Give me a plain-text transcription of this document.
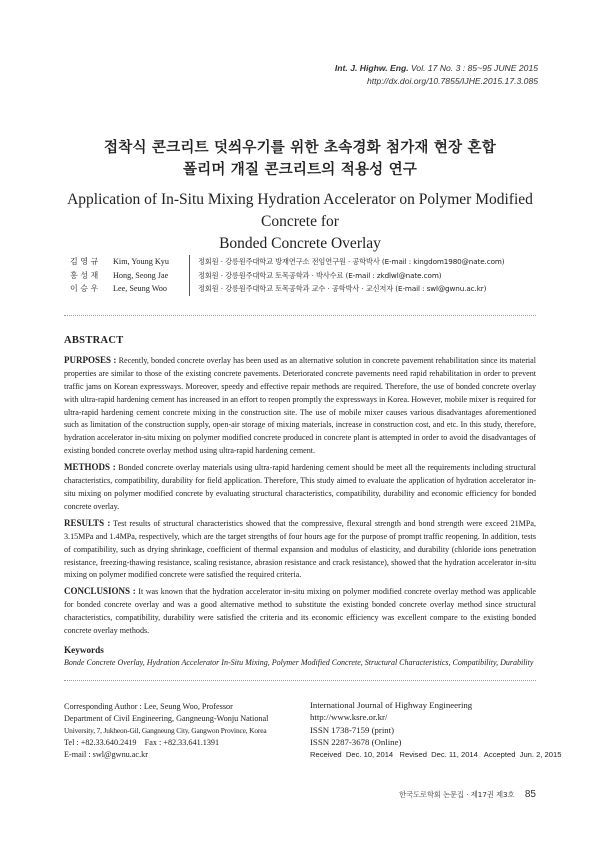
Int. J. Highw. Eng. Vol. 17 No. 3 : 85~95 JUNE 2015
http://dx.doi.org/10.7855/IJHE.2015.17.3.085
접착식 콘크리트 덧씌우기를 위한 초속경화 첨가재 현장 혼합
폴리머 개질 콘크리트의 적용성 연구
Application of In-Situ Mixing Hydration Accelerator on Polymer Modified Concrete for
Bonded Concrete Overlay
김 영 규	Kim, Young Kyu	정회원 · 강릉원주대학교 방재연구소 전임연구원 · 공학박사 (E-mail : kingdom1980@nate.com)
홍 성 재	Hong, Seong Jae	정회원 · 강릉원주대학교 토목공학과 · 박사수료 (E-mail : zkdlwl@nate.com)
이 승 우	Lee, Seung Woo	정회원 · 강릉원주대학교 토목공학과 교수 · 공학박사 · 교신저자 (E-mail : swl@gwnu.ac.kr)
ABSTRACT

PURPOSES : Recently, bonded concrete overlay has been used as an alternative solution in concrete pavement rehabilitation since its material properties are similar to those of the existing concrete pavements. Deteriorated concrete pavements need rapid rehabilitation in order to prevent traffic jams on Korean expressways. Moreover, speedy and effective repair methods are required. Therefore, the use of bonded concrete overlay with ultra-rapid hardening cement has increased in an effort to reopen promptly the expressways in Korea. However, mobile mixer is required for ultra-rapid hardening cement concrete mixing in the construction site. The use of mobile mixer causes various disadvantages aforementioned such as limitation of the construction supply, open-air storage of mixing materials, increase in construction cost, and etc. In this study, therefore, hydration accelerator in-situ mixing on polymer modified concrete produced in concrete plant is attempted in order to avoid the disadvantages of existing bonded concrete overlay method using ultra-rapid hardening cement.

METHODS : Bonded concrete overlay materials using ultra-rapid hardening cement should be meet all the requirements including structural characteristics, compatibility, durability for field application. Therefore, This study aimed to evaluate the application of hydration accelerator in-situ mixing on polymer modified concrete by evaluating structural characteristics, compatibility, durability and economic efficiency for bonded concrete overlay.

RESULTS : Test results of structural characteristics showed that the compressive, flexural strength and bond strength were exceed 21MPa, 3.15MPa and 1.4MPa, respectively, which are the target strengths of four hours age for the purpose of prompt traffic reopening. In addition, tests of compatibility, such as drying shrinkage, coefficient of thermal expansion and modulus of elasticity, and durability (chloride ions penetration resistance, freezing-thawing resistance, scaling resistance, abrasion resistance and crack resistance), showed that the hydration accelerator in-situ mixing on polymer modified concrete were satisfied the required criteria.

CONCLUSIONS : It was known that the hydration accelerator in-situ mixing on polymer modified concrete overlay method was applicable for bonded concrete overlay and was a good alternative method to substitute the existing bonded concrete overlay method since structural characteristics, compatibility, durability were satisfied the criteria and its economic efficiency was excellent compare to the existing bonded concrete overlay methods.

Keywords
Bonde Concrete Overlay, Hydration Accelerator In-Situ Mixing, Polymer Modified Concrete, Structural Characteristics, Compatibility, Durability
Corresponding Author : Lee, Seung Woo, Professor
Department of Civil Engineering, Gangneung-Wonju National
University, 7, Jukheon-Gil, Gangneung City, Gangwon Province, Korea
Tel : +82.33.640.2419    Fax : +82.33.641.1391
E-mail : swl@gwnu.ac.kr
International Journal of Highway Engineering
http://www.ksre.or.kr/
ISSN 1738-7159 (print)
ISSN 2287-3678 (Online)
Received  Dec. 10, 2014   Revised  Dec. 11, 2014   Accepted  Jun. 2, 2015
한국도로학회 논문집 · 제17권 제3호 85
